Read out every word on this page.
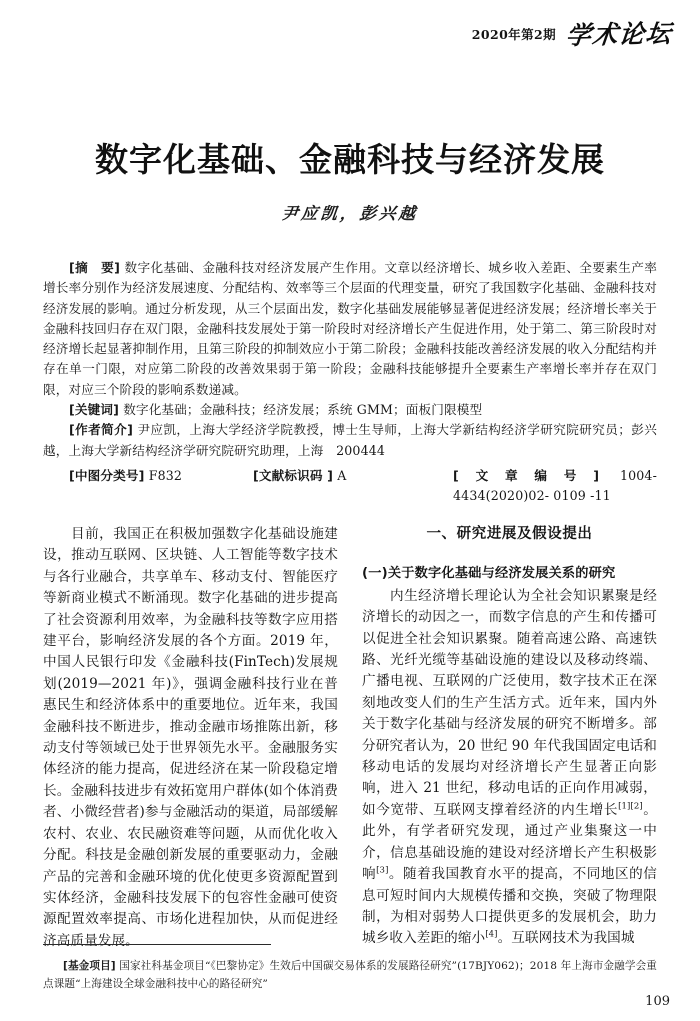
2020年第2期 学术论坛
数字化基础、金融科技与经济发展
尹应凯，彭兴越

[摘　要] 数字化基础、金融科技对经济发展产生作用。文章以经济增长、城乡收入差距、全要素生产率增长率分别作为经济发展速度、分配结构、效率等三个层面的代理变量，研究了我国数字化基础、金融科技对经济发展的影响。通过分析发现，从三个层面出发，数字化基础发展能够显著促进经济发展；经济增长率关于金融科技回归存在双门限，金融科技发展处于第一阶段时对经济增长产生促进作用，处于第二、第三阶段时对经济增长起显著抑制作用，且第三阶段的抑制效应小于第二阶段；金融科技能改善经济发展的收入分配结构并存在单一门限，对应第二阶段的改善效果弱于第一阶段；金融科技能够提升全要素生产率增长率并存在双门限，对应三个阶段的影响系数递减。

[关键词] 数字化基础；金融科技；经济发展；系统 GMM；面板门限模型

[作者简介] 尹应凯，上海大学经济学院教授，博士生导师，上海大学新结构经济学研究院研究员；彭兴越，上海大学新结构经济学研究院研究助理，上海　200444

[中图分类号] F832	[文献标识码 ] A	[文章编号] 1004- 4434(2020)02- 0109 -11

目前，我国正在积极加强数字化基础设施建设，推动互联网、区块链、人工智能等数字技术与各行业融合，共享单车、移动支付、智能医疗等新商业模式不断涌现。数字化基础的进步提高了社会资源利用效率，为金融科技等数字应用搭建平台，影响经济发展的各个方面。2019 年，中国人民银行印发《金融科技(FinTech)发展规划(2019—2021 年)》，强调金融科技行业在普惠民生和经济体系中的重要地位。近年来，我国金融科技不断进步，推动金融市场推陈出新，移动支付等领域已处于世界领先水平。金融服务实体经济的能力提高，促进经济在某一阶段稳定增长。金融科技进步有效拓宽用户群体(如个体消费者、小微经营者)参与金融活动的渠道，局部缓解农村、农业、农民融资难等问题，从而优化收入分配。科技是金融创新发展的重要驱动力，金融产品的完善和金融环境的优化使更多资源配置到实体经济，金融科技发展下的包容性金融可使资源配置效率提高、市场化进程加快，从而促进经济高质量发展。

一、研究进展及假设提出

(一)关于数字化基础与经济发展关系的研究

内生经济增长理论认为全社会知识累聚是经济增长的动因之一，而数字信息的产生和传播可以促进全社会知识累聚。随着高速公路、高速铁路、光纤光缆等基础设施的建设以及移动终端、广播电视、互联网的广泛使用，数字技术正在深刻地改变人们的生产生活方式。近年来，国内外关于数字化基础与经济发展的研究不断增多。部分研究者认为，20 世纪 90 年代我国固定电话和移动电话的发展均对经济增长产生显著正向影响，进入 21 世纪，移动电话的正向作用减弱，如今宽带、互联网支撑着经济的内生增长[1][2]。此外，有学者研究发现，通过产业集聚这一中介，信息基础设施的建设对经济增长产生积极影响[3]。随着我国教育水平的提高，不同地区的信息可短时间内大规模传播和交换，突破了物理限制，为相对弱势人口提供更多的发展机会，助力城乡收入差距的缩小[4]。互联网技术为我国城

[基金项目] 国家社科基金项目“《巴黎协定》生效后中国碳交易体系的发展路径研究”(17BJY062)；2018 年上海市金融学会重点课题“上海建设全球金融科技中心的路径研究”

109
